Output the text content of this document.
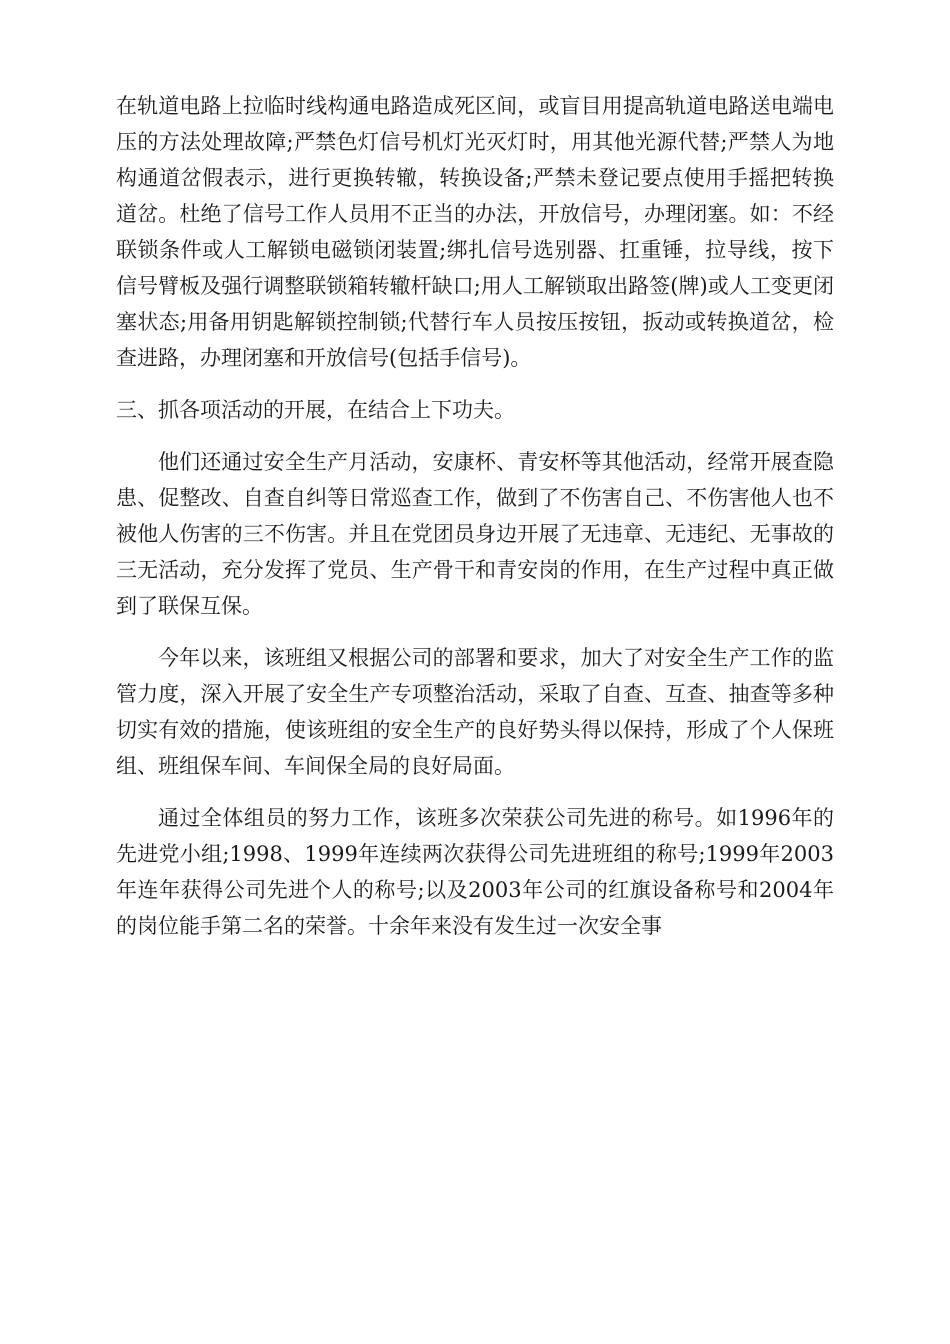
在轨道电路上拉临时线构通电路造成死区间，或盲目用提高轨道电路送电端电压的方法处理故障;严禁色灯信号机灯光灭灯时，用其他光源代替;严禁人为地构通道岔假表示，进行更换转辙，转换设备;严禁未登记要点使用手摇把转换道岔。杜绝了信号工作人员用不正当的办法，开放信号，办理闭塞。如：不经联锁条件或人工解锁电磁锁闭装置;绑扎信号选别器、扛重锤，拉导线，按下信号臂板及强行调整联锁箱转辙杆缺口;用人工解锁取出路签(牌)或人工变更闭塞状态;用备用钥匙解锁控制锁;代替行车人员按压按钮，扳动或转换道岔，检查进路，办理闭塞和开放信号(包括手信号)。

三、抓各项活动的开展，在结合上下功夫。

他们还通过安全生产月活动，安康杯、青安杯等其他活动，经常开展查隐患、促整改、自查自纠等日常巡查工作，做到了不伤害自己、不伤害他人也不被他人伤害的三不伤害。并且在党团员身边开展了无违章、无违纪、无事故的三无活动，充分发挥了党员、生产骨干和青安岗的作用，在生产过程中真正做到了联保互保。

今年以来，该班组又根据公司的部署和要求，加大了对安全生产工作的监管力度，深入开展了安全生产专项整治活动，采取了自查、互查、抽查等多种切实有效的措施，使该班组的安全生产的良好势头得以保持，形成了个人保班组、班组保车间、车间保全局的良好局面。

通过全体组员的努力工作，该班多次荣获公司先进的称号。如1996年的先进党小组;1998、1999年连续两次获得公司先进班组的称号;1999年2003年连年获得公司先进个人的称号;以及2003年公司的红旗设备称号和2004年的岗位能手第二名的荣誉。十余年来没有发生过一次安全事
